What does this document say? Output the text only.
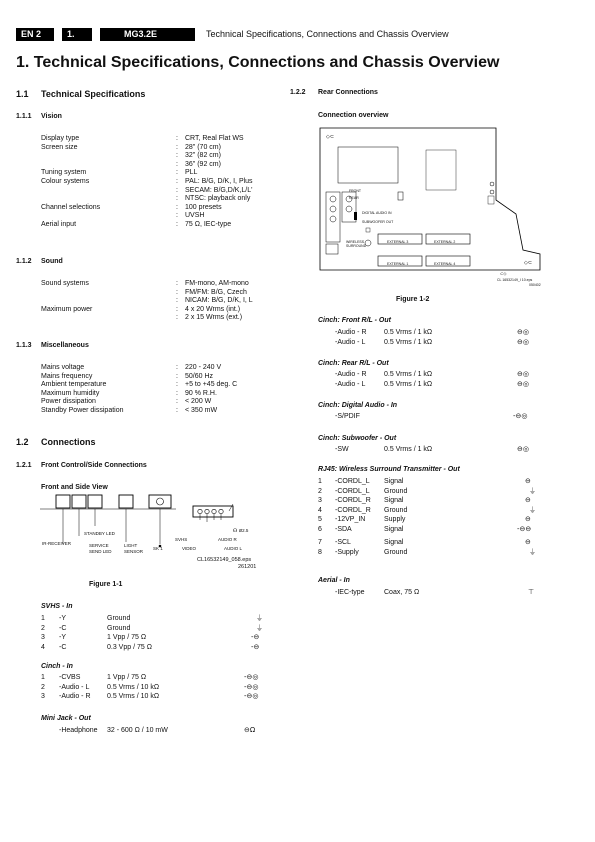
EN 2	1.	MG3.2E	Technical Specifications, Connections and Chassis Overview
1. Technical Specifications, Connections and Chassis Overview
1.1 Technical Specifications
1.1.1 Vision
Display type	: CRT, Real Flat WS
Screen size	: 28" (70 cm)
: 32" (82 cm)
: 36" (92 cm)
Tuning system	: PLL
Colour systems	: PAL: B/G, D/K, I, Plus
: SECAM: B/G,D/K,L/L'
: NTSC: playback only
Channel selections	: 100 presets
: UVSH
Aerial input	: 75 Ω, IEC-type
1.1.2 Sound
Sound systems	: FM-mono, AM-mono
: FM/FM: B/G, Czech
: NICAM: B/G, D/K, I, L
Maximum power	: 4 x 20 Wrms (int.)
: 2 x 15 Wrms (ext.)
1.1.3 Miscellaneous
Mains voltage	: 220 - 240 V
Mains frequency	: 50/60 Hz
Ambient temperature	: +5 to +45 deg. C
Maximum humidity	: 90 % R.H.
Power dissipation	: < 200 W
Standby Power dissipation	: < 350 mW
1.2 Connections
1.2.1 Front Control/Side Connections
Front and Side View
STANDBY LED
IR-RECEIVER	SERVICE
SEND LED
LIGHT
SENSOR
SK 1
SVHS
VIDEO
AUDIO R
AUDIO L
☊ ø2.5
CL16532149_058.eps
261201
Figure 1-1
SVHS - In
1 -Y	Ground	⏚
2 -C	Ground	⏚
3 -Y	1 Vpp / 75 Ω	-⊖
4 -C	0.3 Vpp / 75 Ω	-⊖
Cinch - In
1 -CVBS	1 Vpp / 75 Ω	-⊖◎
2 -Audio - L	0.5 Vrms / 10 kΩ	-⊖◎
3 -Audio - R 0.5 Vrms / 10 kΩ	-⊖◎
Mini Jack - Out
-Headphone 32 - 600 Ω / 10 mW	⊖Ω
1.2.2 Rear Connections
Connection overview
◇⊂
◇⊂
⊂◇
FRONT
REAR
DIGITAL AUDIO IN
SUBWOOFER OUT
WIRELESS
SURROUND
EXTERNAL 3	EXTERNAL 2
EXTERNAL 1	EXTERNAL 4
CL 16532149_I 10.eps
050402
Figure 1-2
Cinch: Front R/L - Out
-Audio - R 0.5 Vrms / 1 kΩ	⊖◎
-Audio - L	0.5 Vrms / 1 kΩ	⊖◎
Cinch: Rear R/L - Out
-Audio - R 0.5 Vrms / 1 kΩ	⊖◎
-Audio - L	0.5 Vrms / 1 kΩ	⊖◎
Cinch: Digital Audio - In
-S/PDIF	-⊖◎
Cinch: Subwoofer - Out
-SW	0.5 Vrms / 1 kΩ	⊖◎
RJ45: Wireless Surround Transmitter - Out
1 -CORDL_L Signal	⊖
2 -CORDL_L Ground	⏚
3 -CORDL_R Signal	⊖
4 -CORDL_R Ground	⏚
5 -12VP_IN	Supply	⊖
6 -SDA	Signal	-⊖⊖
7 -SCL	Signal	⊖
8 -Supply	Ground	⏚
Aerial - In
-IEC-type	Coax, 75 Ω	⊤
